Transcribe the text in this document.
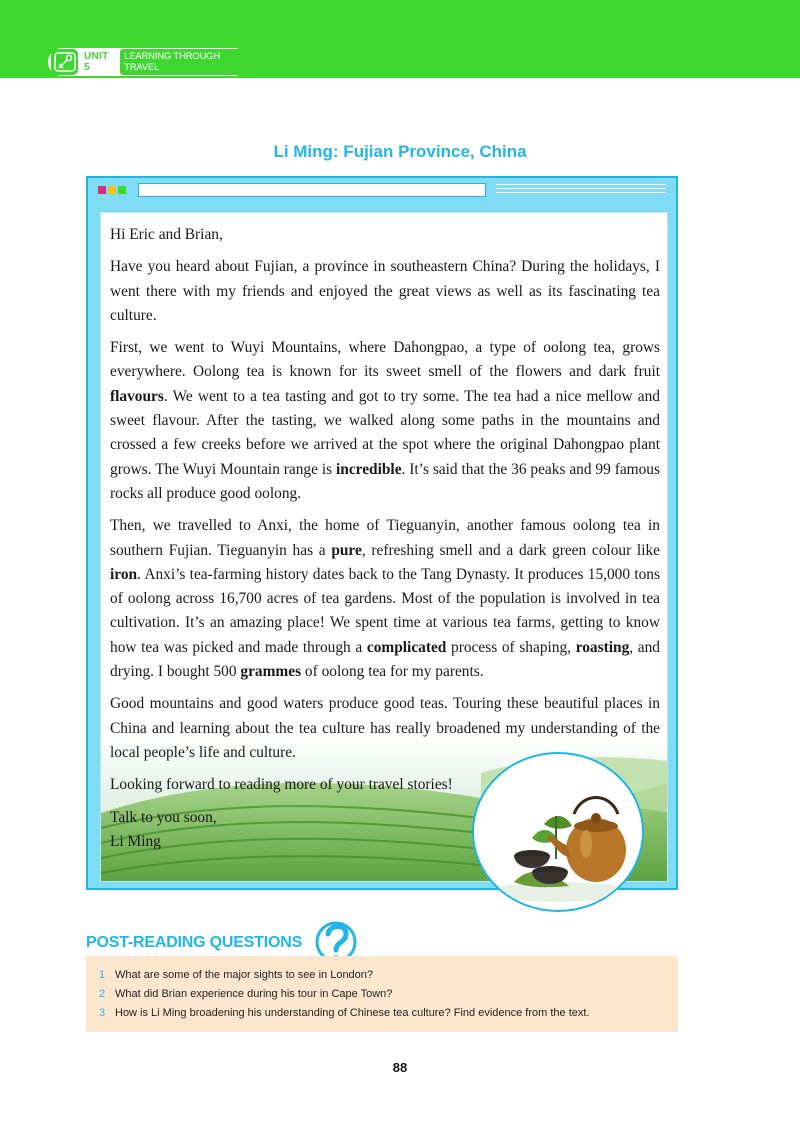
UNIT 5
LEARNING THROUGH TRAVEL
Li Ming: Fujian Province, China

Hi Eric and Brian,

Have you heard about Fujian, a province in southeastern China? During the holidays, I went there with my friends and enjoyed the great views as well as its fascinating tea culture.

First, we went to Wuyi Mountains, where Dahongpao, a type of oolong tea, grows everywhere. Oolong tea is known for its sweet smell of the flowers and dark fruit flavours. We went to a tea tasting and got to try some. The tea had a nice mellow and sweet flavour. After the tasting, we walked along some paths in the mountains and crossed a few creeks before we arrived at the spot where the original Dahongpao plant grows. The Wuyi Mountain range is incredible. It’s said that the 36 peaks and 99 famous rocks all produce good oolong.

Then, we travelled to Anxi, the home of Tieguanyin, another famous oolong tea in southern Fujian. Tieguanyin has a pure, refreshing smell and a dark green colour like iron. Anxi’s tea-farming history dates back to the Tang Dynasty. It produces 15,000 tons of oolong across 16,700 acres of tea gardens. Most of the population is involved in tea cultivation. It’s an amazing place! We spent time at various tea farms, getting to know how tea was picked and made through a complicated process of shaping, roasting, and drying. I bought 500 grammes of oolong tea for my parents.

Good mountains and good waters produce good teas. Touring these beautiful places in China and learning about the tea culture has really broadened my understanding of the local people’s life and culture.

Looking forward to reading more of your travel stories!

Talk to you soon,

Li Ming

POST-READING QUESTIONS
1 What are some of the major sights to see in London?
2 What did Brian experience during his tour in Cape Town?
3 How is Li Ming broadening his understanding of Chinese tea culture? Find evidence from the text.
88
